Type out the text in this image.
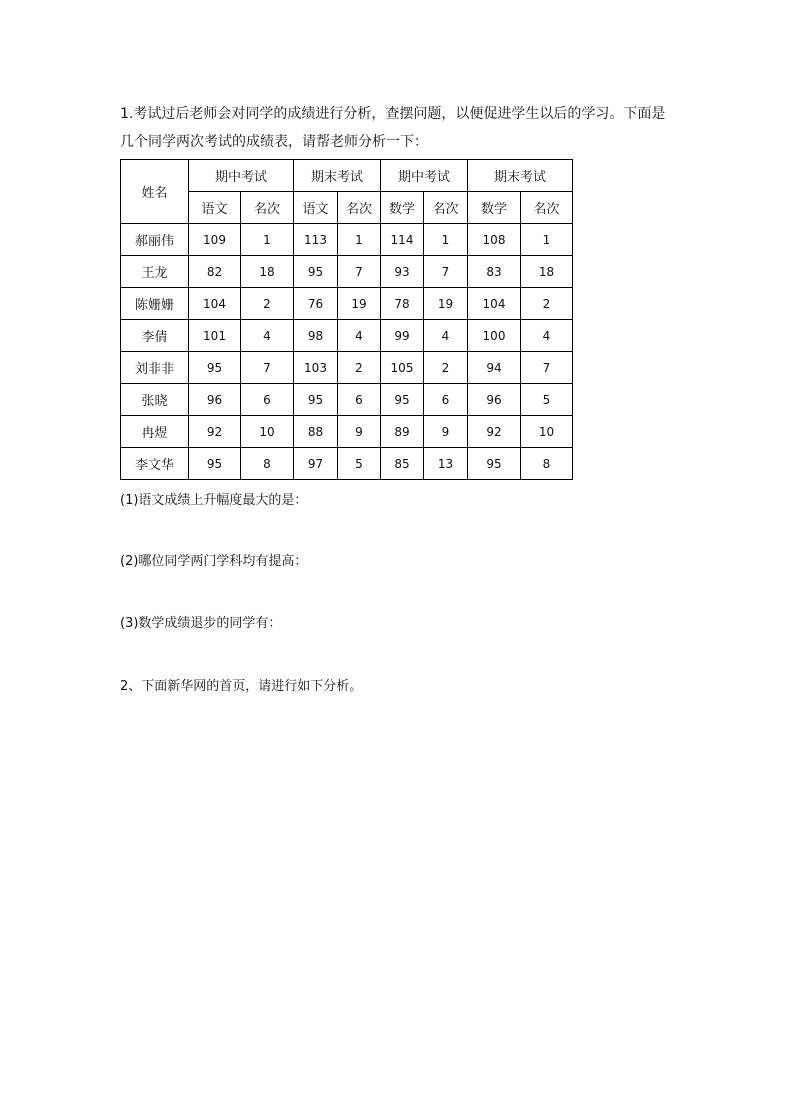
1.考试过后老师会对同学的成绩进行分析，查摆问题，以便促进学生以后的学习。下面是

几个同学两次考试的成绩表，请帮老师分析一下：

姓名	期中考试		期末考试		期中考试		期末考试	
	语文	名次	语文	名次	数学	名次	数学	名次
郝丽伟	109	1	113	1	114	1	108	1
王龙	82	18	95	7	93	7	83	18
陈姗姗	104	2	76	19	78	19	104	2
李倩	101	4	98	4	99	4	100	4
刘非非	95	7	103	2	105	2	94	7
张晓	96	6	95	6	95	6	96	5
冉煜	92	10	88	9	89	9	92	10
李文华	95	8	97	5	85	13	95	8
(1)语文成绩上升幅度最大的是：
(2)哪位同学两门学科均有提高：
(3)数学成绩退步的同学有：
2、下面新华网的首页，请进行如下分析。
